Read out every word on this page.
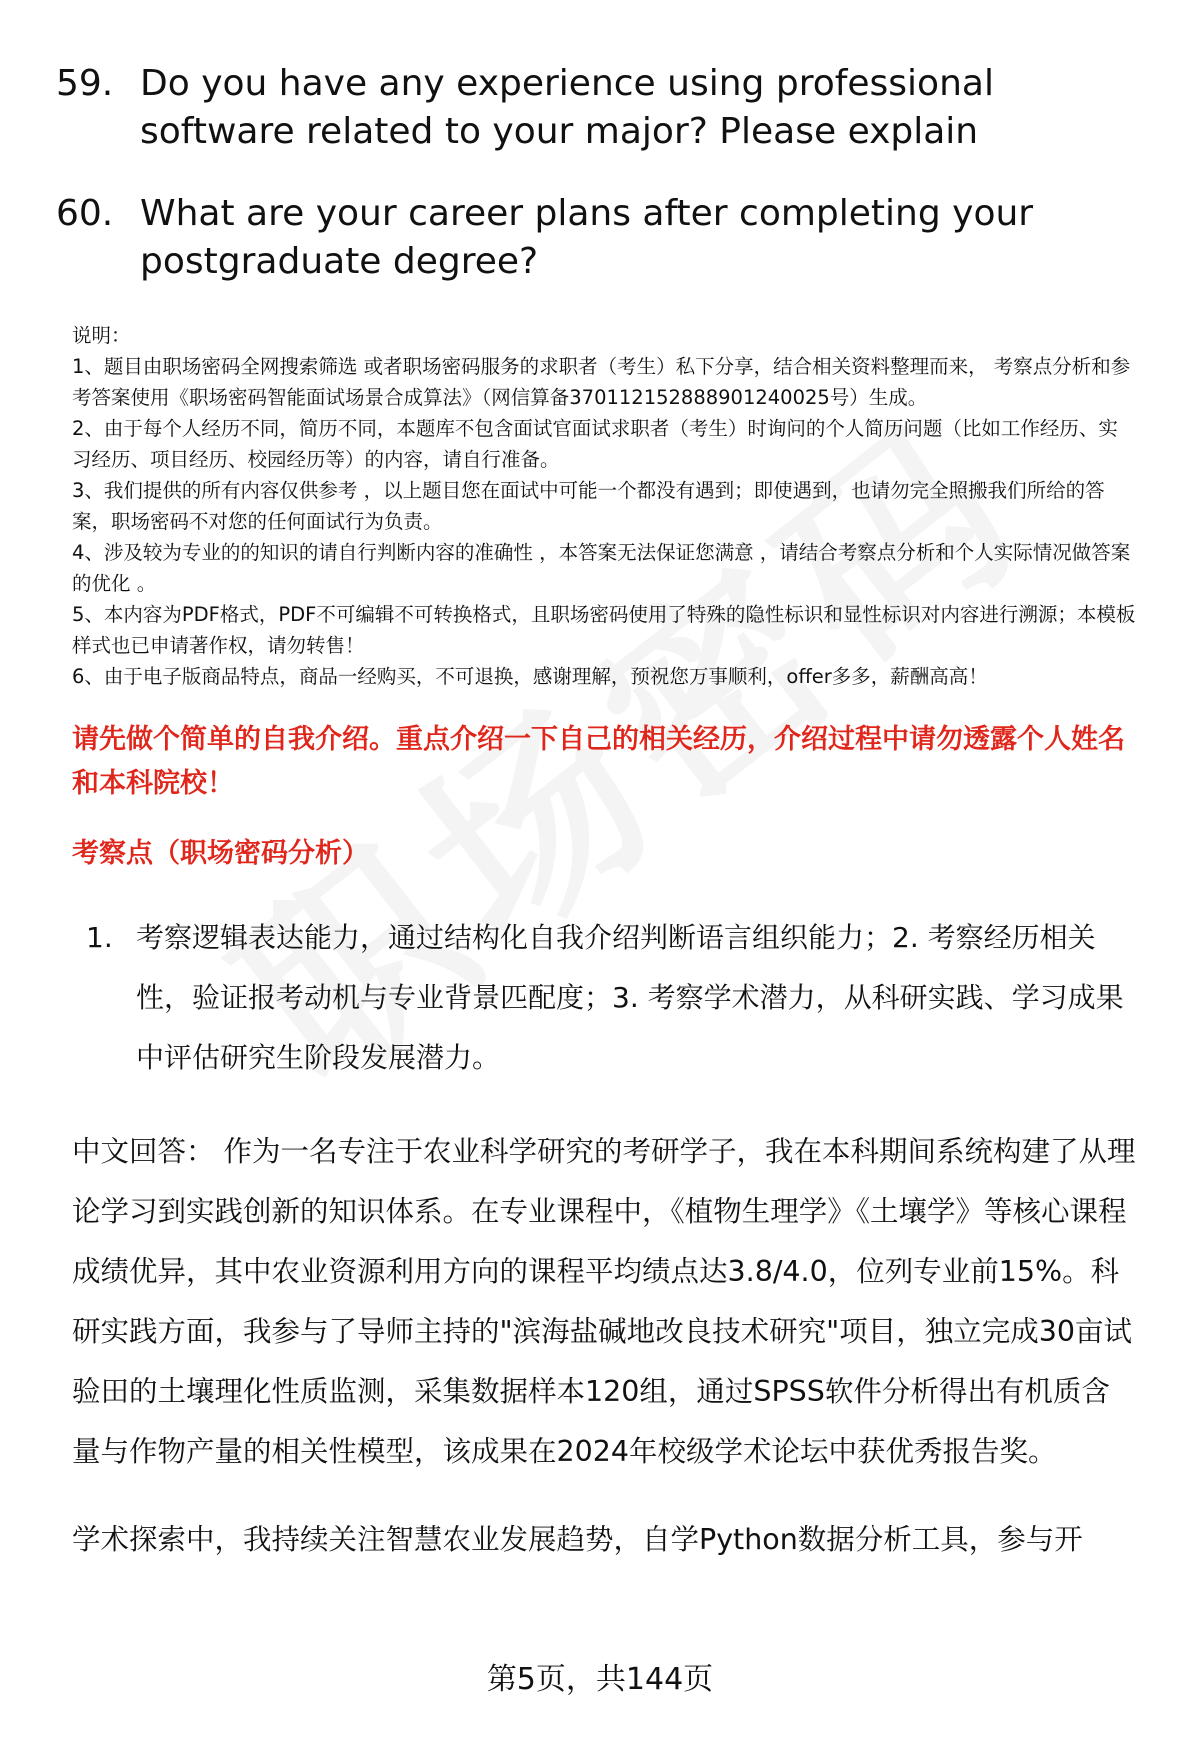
59. Do you have any experience using professional software related to your major? Please explain
60. What are your career plans after completing your postgraduate degree?

说明：

1、题目由职场密码全网搜索筛选 或者职场密码服务的求职者（考生）私下分享，结合相关资料整理而来， 考察点分析和参考答案使用《职场密码智能面试场景合成算法》（网信算备370112152888901240025号）生成。

2、由于每个人经历不同，简历不同，本题库不包含面试官面试求职者（考生）时询问的个人简历问题（比如工作经历、实习经历、项目经历、校园经历等）的内容，请自行准备。

3、我们提供的所有内容仅供参考 ，以上题目您在面试中可能一个都没有遇到；即使遇到，也请勿完全照搬我们所给的答案，职场密码不对您的任何面试行为负责。

4、涉及较为专业的的知识的请自行判断内容的准确性 ，本答案无法保证您满意 ，请结合考察点分析和个人实际情况做答案的优化 。

5、本内容为PDF格式，PDF不可编辑不可转换格式，且职场密码使用了特殊的隐性标识和显性标识对内容进行溯源；本模板样式也已申请著作权，请勿转售！

6、由于电子版商品特点，商品一经购买，不可退换，感谢理解，预祝您万事顺利，offer多多，薪酬高高！

请先做个简单的自我介绍。重点介绍一下自己的相关经历，介绍过程中请勿透露个人姓名和本科院校！
考察点（职场密码分析）
1. 考察逻辑表达能力，通过结构化自我介绍判断语言组织能力；2. 考察经历相关性，验证报考动机与专业背景匹配度；3. 考察学术潜力，从科研实践、学习成果中评估研究生阶段发展潜力。

中文回答： 作为一名专注于农业科学研究的考研学子，我在本科期间系统构建了从理论学习到实践创新的知识体系。在专业课程中，《植物生理学》《土壤学》等核心课程成绩优异，其中农业资源利用方向的课程平均绩点达3.8/4.0，位列专业前15%。科研实践方面，我参与了导师主持的"滨海盐碱地改良技术研究"项目，独立完成30亩试验田的土壤理化性质监测，采集数据样本120组，通过SPSS软件分析得出有机质含量与作物产量的相关性模型，该成果在2024年校级学术论坛中获优秀报告奖。

学术探索中，我持续关注智慧农业发展趋势，自学Python数据分析工具，参与开

第5页，共144页
